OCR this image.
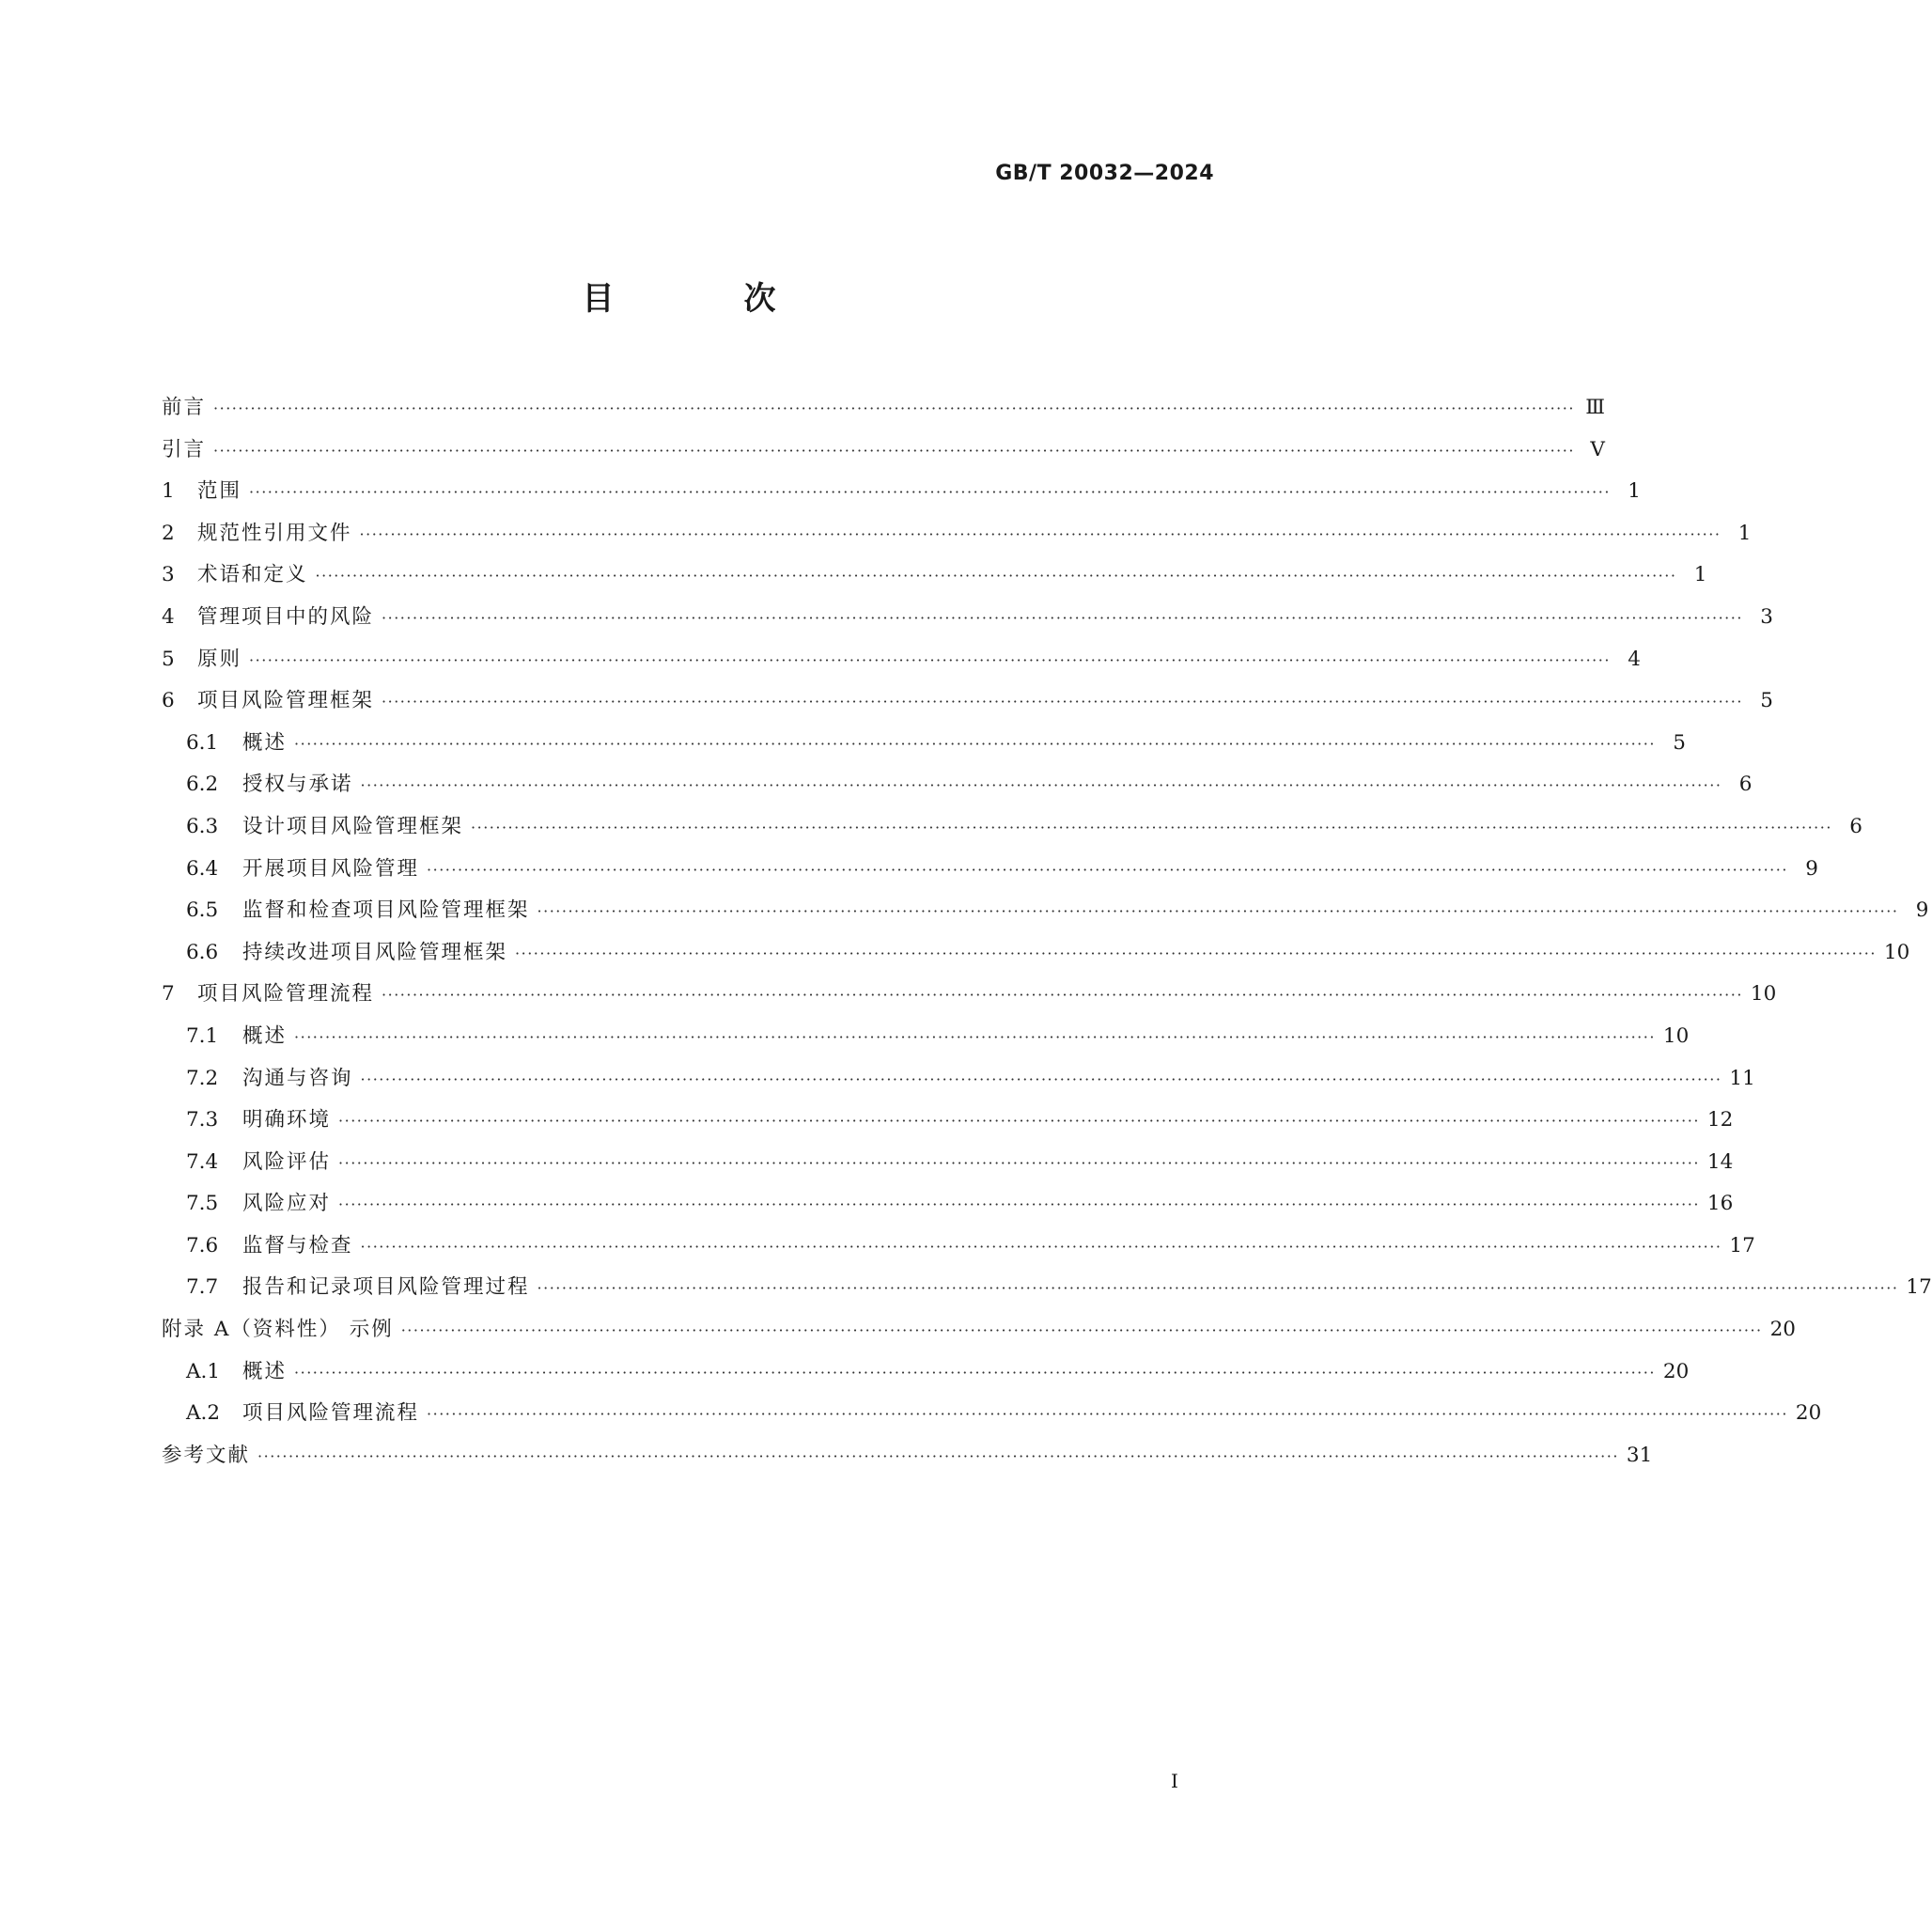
GB/T 20032—2024
目　次
前言 ···························································································································································································································· Ⅲ
引言 ···························································································································································································································· Ⅴ
1	范围 ···························································································································································································································· 1
2	规范性引用文件 ···························································································································································································································· 1
3	术语和定义 ···························································································································································································································· 1
4	管理项目中的风险 ···························································································································································································································· 3
5	原则 ···························································································································································································································· 4
6	项目风险管理框架 ···························································································································································································································· 5
6.1	概述 ···························································································································································································································· 5
6.2	授权与承诺 ···························································································································································································································· 6
6.3	设计项目风险管理框架 ···························································································································································································································· 6
6.4	开展项目风险管理 ···························································································································································································································· 9
6.5	监督和检查项目风险管理框架 ···························································································································································································································· 9
6.6	持续改进项目风险管理框架 ···························································································································································································································· 10
7	项目风险管理流程 ···························································································································································································································· 10
7.1	概述 ···························································································································································································································· 10
7.2	沟通与咨询 ···························································································································································································································· 11
7.3	明确环境 ···························································································································································································································· 12
7.4	风险评估 ···························································································································································································································· 14
7.5	风险应对 ···························································································································································································································· 16
7.6	监督与检查 ···························································································································································································································· 17
7.7	报告和记录项目风险管理过程 ···························································································································································································································· 17
附录 A（资料性） 示例 ···························································································································································································································· 20
A.1	概述 ···························································································································································································································· 20
A.2	项目风险管理流程 ···························································································································································································································· 20
参考文献 ···························································································································································································································· 31
I
